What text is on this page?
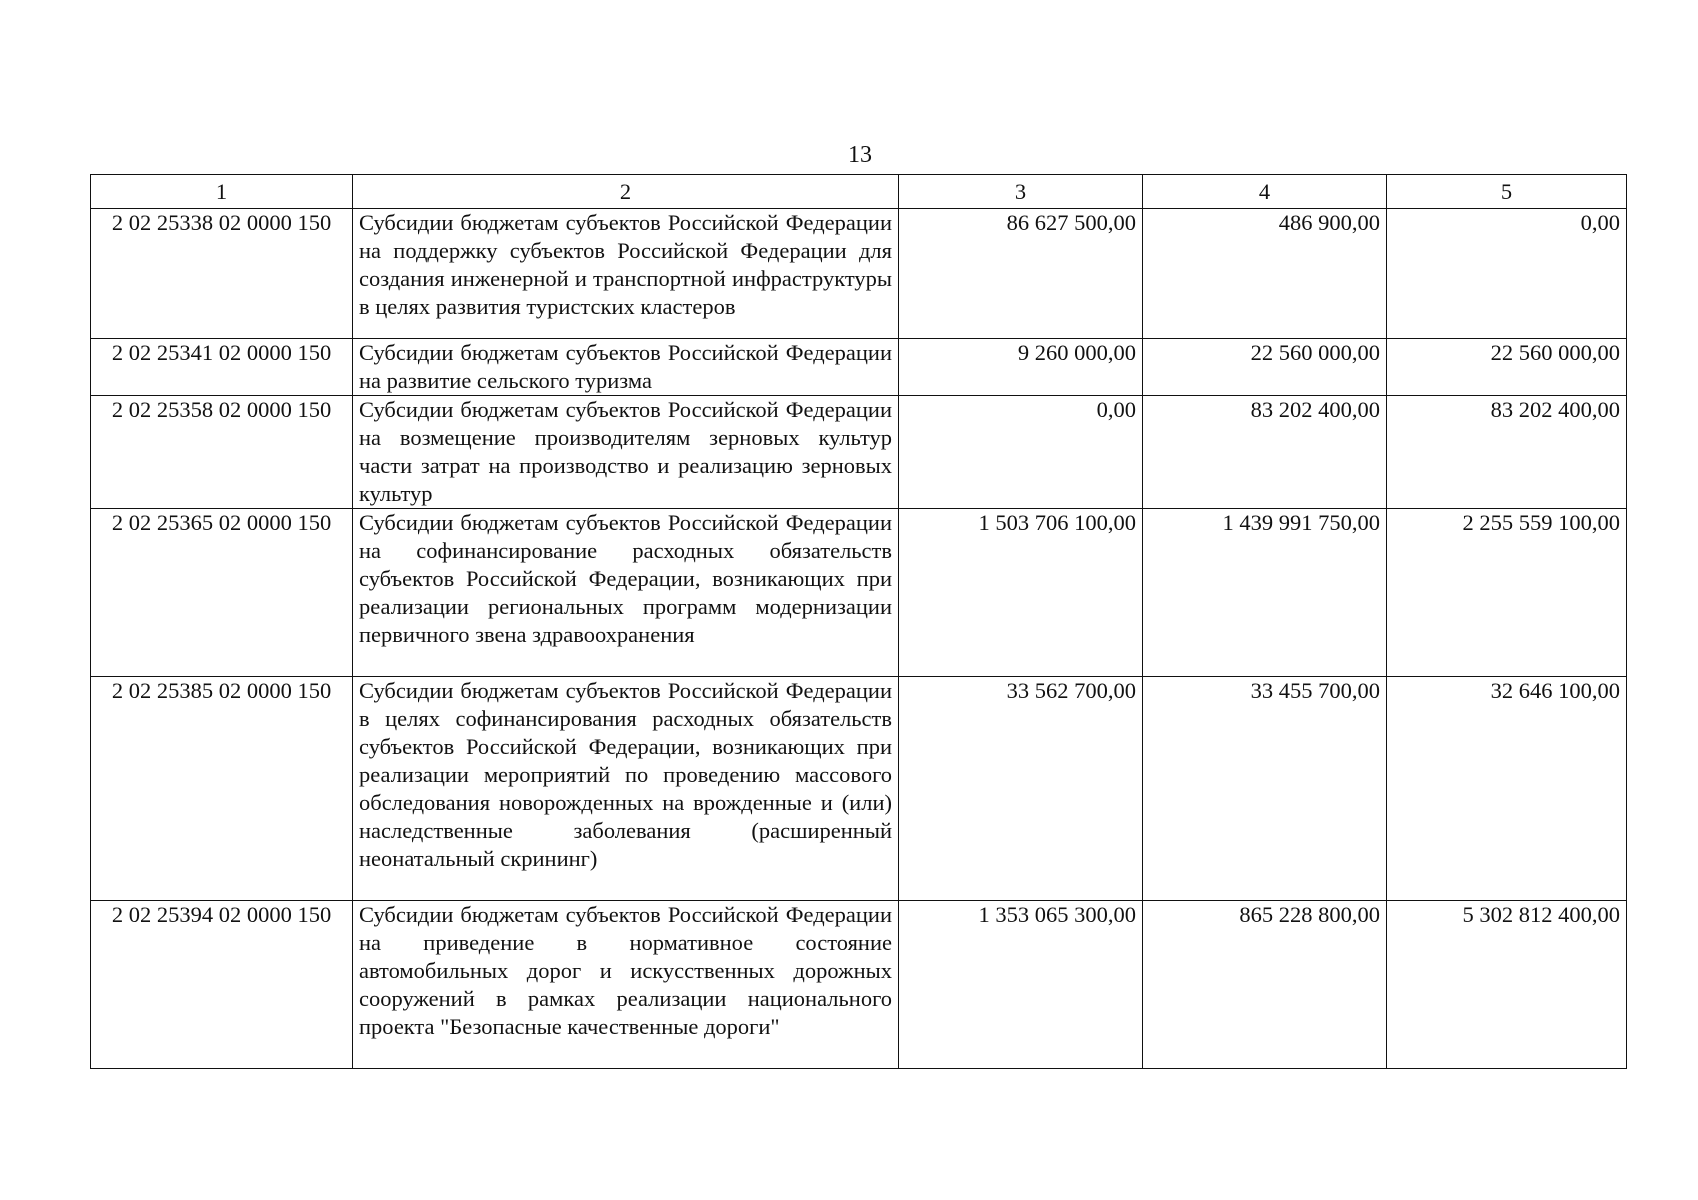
13
1	2	3	4	5
2 02 25338 02 0000 150	Субсидии бюджетам субъектов Российской Федерации на поддержку субъектов Российской Федерации для создания инженерной и транспортной инфраструктуры в целях развития туристских кластеров	86 627 500,00	486 900,00	0,00
2 02 25341 02 0000 150	Субсидии бюджетам субъектов Российской Федерации на развитие сельского туризма	9 260 000,00	22 560 000,00	22 560 000,00
2 02 25358 02 0000 150	Субсидии бюджетам субъектов Российской Федерации на возмещение производителям зерновых культур части затрат на производство и реализацию зерновых культур	0,00	83 202 400,00	83 202 400,00
2 02 25365 02 0000 150	Субсидии бюджетам субъектов Российской Федерации на софинансирование расходных обязательств субъектов Российской Федерации, возникающих при реализации региональных программ модернизации первичного звена здравоохранения	1 503 706 100,00	1 439 991 750,00	2 255 559 100,00
2 02 25385 02 0000 150	Субсидии бюджетам субъектов Российской Федерации в целях софинансирования расходных обязательств субъектов Российской Федерации, возникающих при реализации мероприятий по проведению массового обследования новорожденных на врожденные и (или) наследственные заболевания (расширенный неонатальный скрининг)	33 562 700,00	33 455 700,00	32 646 100,00
2 02 25394 02 0000 150	Субсидии бюджетам субъектов Российской Федерации на приведение в нормативное состояние автомобильных дорог и искусственных дорожных сооружений в рамках реализации национального проекта "Безопасные качественные дороги"	1 353 065 300,00	865 228 800,00	5 302 812 400,00
